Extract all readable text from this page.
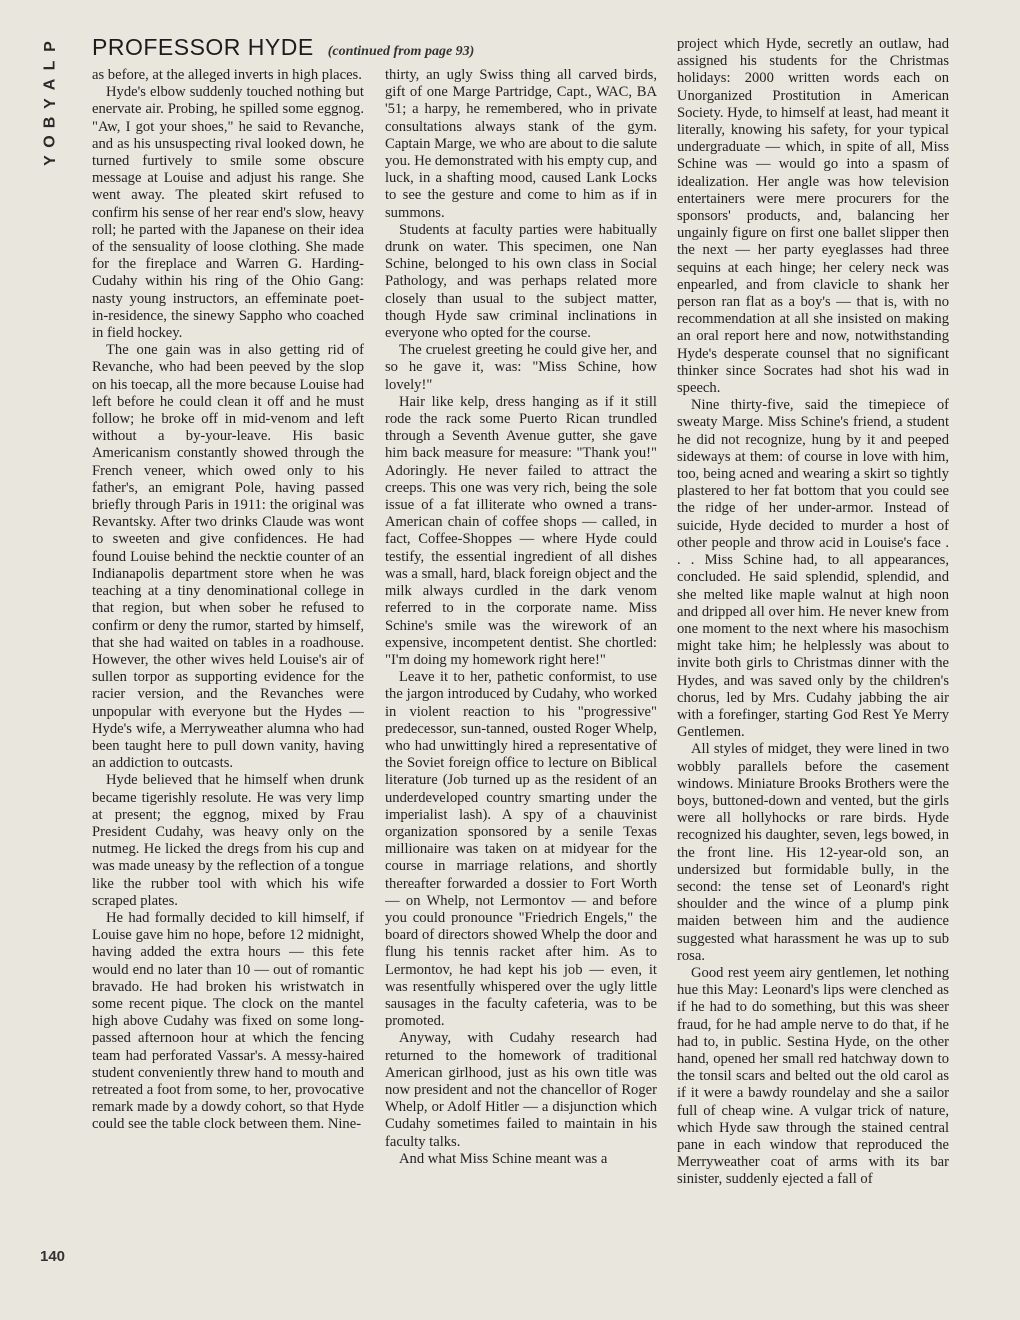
P
L
A
Y
B
O
Y
PROFESSOR HYDE (continued from page 93)

as before, at the alleged inverts in high places.

Hyde's elbow suddenly touched nothing but enervate air. Probing, he spilled some eggnog. "Aw, I got your shoes," he said to Revanche, and as his unsuspecting rival looked down, he turned furtively to smile some obscure message at Louise and adjust his range. She went away. The pleated skirt refused to confirm his sense of her rear end's slow, heavy roll; he parted with the Japanese on their idea of the sensuality of loose clothing. She made for the fireplace and Warren G. Harding-Cudahy within his ring of the Ohio Gang: nasty young instructors, an effeminate poet-in-residence, the sinewy Sappho who coached in field hockey.

The one gain was in also getting rid of Revanche, who had been peeved by the slop on his toecap, all the more because Louise had left before he could clean it off and he must follow; he broke off in mid-venom and left without a by-your-leave. His basic Americanism constantly showed through the French veneer, which owed only to his father's, an emigrant Pole, having passed briefly through Paris in 1911: the original was Revantsky. After two drinks Claude was wont to sweeten and give confidences. He had found Louise behind the necktie counter of an Indianapolis department store when he was teaching at a tiny denominational college in that region, but when sober he refused to confirm or deny the rumor, started by himself, that she had waited on tables in a roadhouse. However, the other wives held Louise's air of sullen torpor as supporting evidence for the racier version, and the Revanches were unpopular with everyone but the Hydes — Hyde's wife, a Merryweather alumna who had been taught here to pull down vanity, having an addiction to outcasts.

Hyde believed that he himself when drunk became tigerishly resolute. He was very limp at present; the eggnog, mixed by Frau President Cudahy, was heavy only on the nutmeg. He licked the dregs from his cup and was made uneasy by the reflection of a tongue like the rubber tool with which his wife scraped plates.

He had formally decided to kill himself, if Louise gave him no hope, before 12 midnight, having added the extra hours — this fete would end no later than 10 — out of romantic bravado. He had broken his wristwatch in some recent pique. The clock on the mantel high above Cudahy was fixed on some long-passed afternoon hour at which the fencing team had perforated Vassar's. A messy-haired student conveniently threw hand to mouth and retreated a foot from some, to her, provocative remark made by a dowdy cohort, so that Hyde could see the table clock between them. Nine-

thirty, an ugly Swiss thing all carved birds, gift of one Marge Partridge, Capt., WAC, BA '51; a harpy, he remembered, who in private consultations always stank of the gym. Captain Marge, we who are about to die salute you. He demonstrated with his empty cup, and luck, in a shafting mood, caused Lank Locks to see the gesture and come to him as if in summons.

Students at faculty parties were habitually drunk on water. This specimen, one Nan Schine, belonged to his own class in Social Pathology, and was perhaps related more closely than usual to the subject matter, though Hyde saw criminal inclinations in everyone who opted for the course.

The cruelest greeting he could give her, and so he gave it, was: "Miss Schine, how lovely!"

Hair like kelp, dress hanging as if it still rode the rack some Puerto Rican trundled through a Seventh Avenue gutter, she gave him back measure for measure: "Thank you!" Adoringly. He never failed to attract the creeps. This one was very rich, being the sole issue of a fat illiterate who owned a trans-American chain of coffee shops — called, in fact, Coffee-Shoppes — where Hyde could testify, the essential ingredient of all dishes was a small, hard, black foreign object and the milk always curdled in the dark venom referred to in the corporate name. Miss Schine's smile was the wirework of an expensive, incompetent dentist. She chortled: "I'm doing my homework right here!"

Leave it to her, pathetic conformist, to use the jargon introduced by Cudahy, who worked in violent reaction to his "progressive" predecessor, sun-tanned, ousted Roger Whelp, who had unwittingly hired a representative of the Soviet foreign office to lecture on Biblical literature (Job turned up as the resident of an underdeveloped country smarting under the imperialist lash). A spy of a chauvinist organization sponsored by a senile Texas millionaire was taken on at midyear for the course in marriage relations, and shortly thereafter forwarded a dossier to Fort Worth — on Whelp, not Lermontov — and before you could pronounce "Friedrich Engels," the board of directors showed Whelp the door and flung his tennis racket after him. As to Lermontov, he had kept his job — even, it was resentfully whispered over the ugly little sausages in the faculty cafeteria, was to be promoted.

Anyway, with Cudahy research had returned to the homework of traditional American girlhood, just as his own title was now president and not the chancellor of Roger Whelp, or Adolf Hitler — a disjunction which Cudahy sometimes failed to maintain in his faculty talks.

And what Miss Schine meant was a

project which Hyde, secretly an outlaw, had assigned his students for the Christmas holidays: 2000 written words each on Unorganized Prostitution in American Society. Hyde, to himself at least, had meant it literally, knowing his safety, for your typical undergraduate — which, in spite of all, Miss Schine was — would go into a spasm of idealization. Her angle was how television entertainers were mere procurers for the sponsors' products, and, balancing her ungainly figure on first one ballet slipper then the next — her party eyeglasses had three sequins at each hinge; her celery neck was enpearled, and from clavicle to shank her person ran flat as a boy's — that is, with no recommendation at all she insisted on making an oral report here and now, notwithstanding Hyde's desperate counsel that no significant thinker since Socrates had shot his wad in speech.

Nine thirty-five, said the timepiece of sweaty Marge. Miss Schine's friend, a student he did not recognize, hung by it and peeped sideways at them: of course in love with him, too, being acned and wearing a skirt so tightly plastered to her fat bottom that you could see the ridge of her under-armor. Instead of suicide, Hyde decided to murder a host of other people and throw acid in Louise's face . . . Miss Schine had, to all appearances, concluded. He said splendid, splendid, and she melted like maple walnut at high noon and dripped all over him. He never knew from one moment to the next where his masochism might take him; he helplessly was about to invite both girls to Christmas dinner with the Hydes, and was saved only by the children's chorus, led by Mrs. Cudahy jabbing the air with a forefinger, starting God Rest Ye Merry Gentlemen.

All styles of midget, they were lined in two wobbly parallels before the casement windows. Miniature Brooks Brothers were the boys, buttoned-down and vented, but the girls were all hollyhocks or rare birds. Hyde recognized his daughter, seven, legs bowed, in the front line. His 12-year-old son, an undersized but formidable bully, in the second: the tense set of Leonard's right shoulder and the wince of a plump pink maiden between him and the audience suggested what harassment he was up to sub rosa.

Good rest yeem airy gentlemen, let nothing hue this May: Leonard's lips were clenched as if he had to do something, but this was sheer fraud, for he had ample nerve to do that, if he had to, in public. Sestina Hyde, on the other hand, opened her small red hatchway down to the tonsil scars and belted out the old carol as if it were a bawdy roundelay and she a sailor full of cheap wine. A vulgar trick of nature, which Hyde saw through the stained central pane in each window that reproduced the Merryweather coat of arms with its bar sinister, suddenly ejected a fall of

140
